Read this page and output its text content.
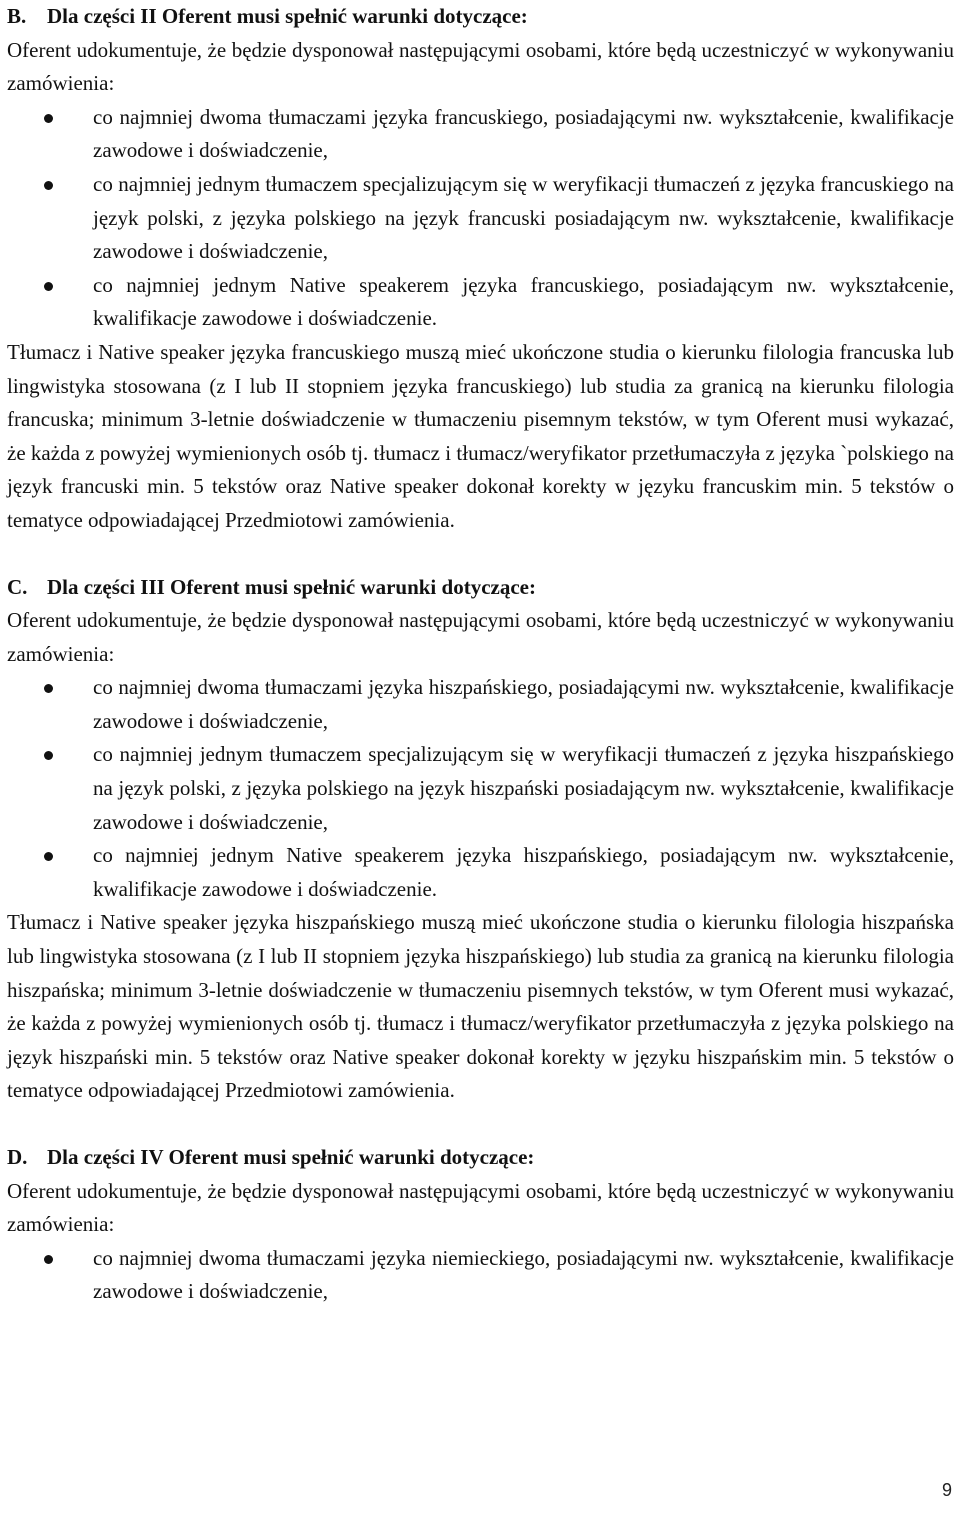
B. Dla części II Oferent musi spełnić warunki dotyczące:

Oferent udokumentuje, że będzie dysponował następującymi osobami, które będą uczestniczyć w wykonywaniu zamówienia:

co najmniej dwoma tłumaczami języka francuskiego, posiadającymi nw. wykształcenie, kwalifikacje zawodowe i doświadczenie,
co najmniej jednym tłumaczem specjalizującym się w weryfikacji tłumaczeń z języka francuskiego na język polski, z języka polskiego na język francuski posiadającym nw. wykształcenie, kwalifikacje zawodowe i doświadczenie,
co najmniej jednym Native speakerem języka francuskiego, posiadającym nw. wykształcenie, kwalifikacje zawodowe i doświadczenie.

Tłumacz i Native speaker języka francuskiego muszą mieć ukończone studia o kierunku filologia francuska lub lingwistyka stosowana (z I lub II stopniem języka francuskiego) lub studia za granicą na kierunku filologia francuska; minimum 3-letnie doświadczenie w tłumaczeniu pisemnym tekstów, w tym Oferent musi wykazać, że każda z powyżej wymienionych osób tj. tłumacz i tłumacz/weryfikator przetłumaczyła z języka `polskiego na język francuski min. 5 tekstów oraz Native speaker dokonał korekty w języku francuskim min. 5 tekstów o tematyce odpowiadającej Przedmiotowi zamówienia.

C. Dla części III Oferent musi spełnić warunki dotyczące:

Oferent udokumentuje, że będzie dysponował następującymi osobami, które będą uczestniczyć w wykonywaniu zamówienia:

co najmniej dwoma tłumaczami języka hiszpańskiego, posiadającymi nw. wykształcenie, kwalifikacje zawodowe i doświadczenie,
co najmniej jednym tłumaczem specjalizującym się w weryfikacji tłumaczeń z języka hiszpańskiego na język polski, z języka polskiego na język hiszpański posiadającym nw. wykształcenie, kwalifikacje zawodowe i doświadczenie,
co najmniej jednym Native speakerem języka hiszpańskiego, posiadającym nw. wykształcenie, kwalifikacje zawodowe i doświadczenie.

Tłumacz i Native speaker języka hiszpańskiego muszą mieć ukończone studia o kierunku filologia hiszpańska lub lingwistyka stosowana (z I lub II stopniem języka hiszpańskiego) lub studia za granicą na kierunku filologia hiszpańska; minimum 3-letnie doświadczenie w tłumaczeniu pisemnych tekstów, w tym Oferent musi wykazać, że każda z powyżej wymienionych osób tj. tłumacz i tłumacz/weryfikator przetłumaczyła z języka polskiego na język hiszpański min. 5 tekstów oraz Native speaker dokonał korekty w języku hiszpańskim min. 5 tekstów o tematyce odpowiadającej Przedmiotowi zamówienia.

D. Dla części IV Oferent musi spełnić warunki dotyczące:

Oferent udokumentuje, że będzie dysponował następującymi osobami, które będą uczestniczyć w wykonywaniu zamówienia:

co najmniej dwoma tłumaczami języka niemieckiego, posiadającymi nw. wykształcenie, kwalifikacje zawodowe i doświadczenie,
9
